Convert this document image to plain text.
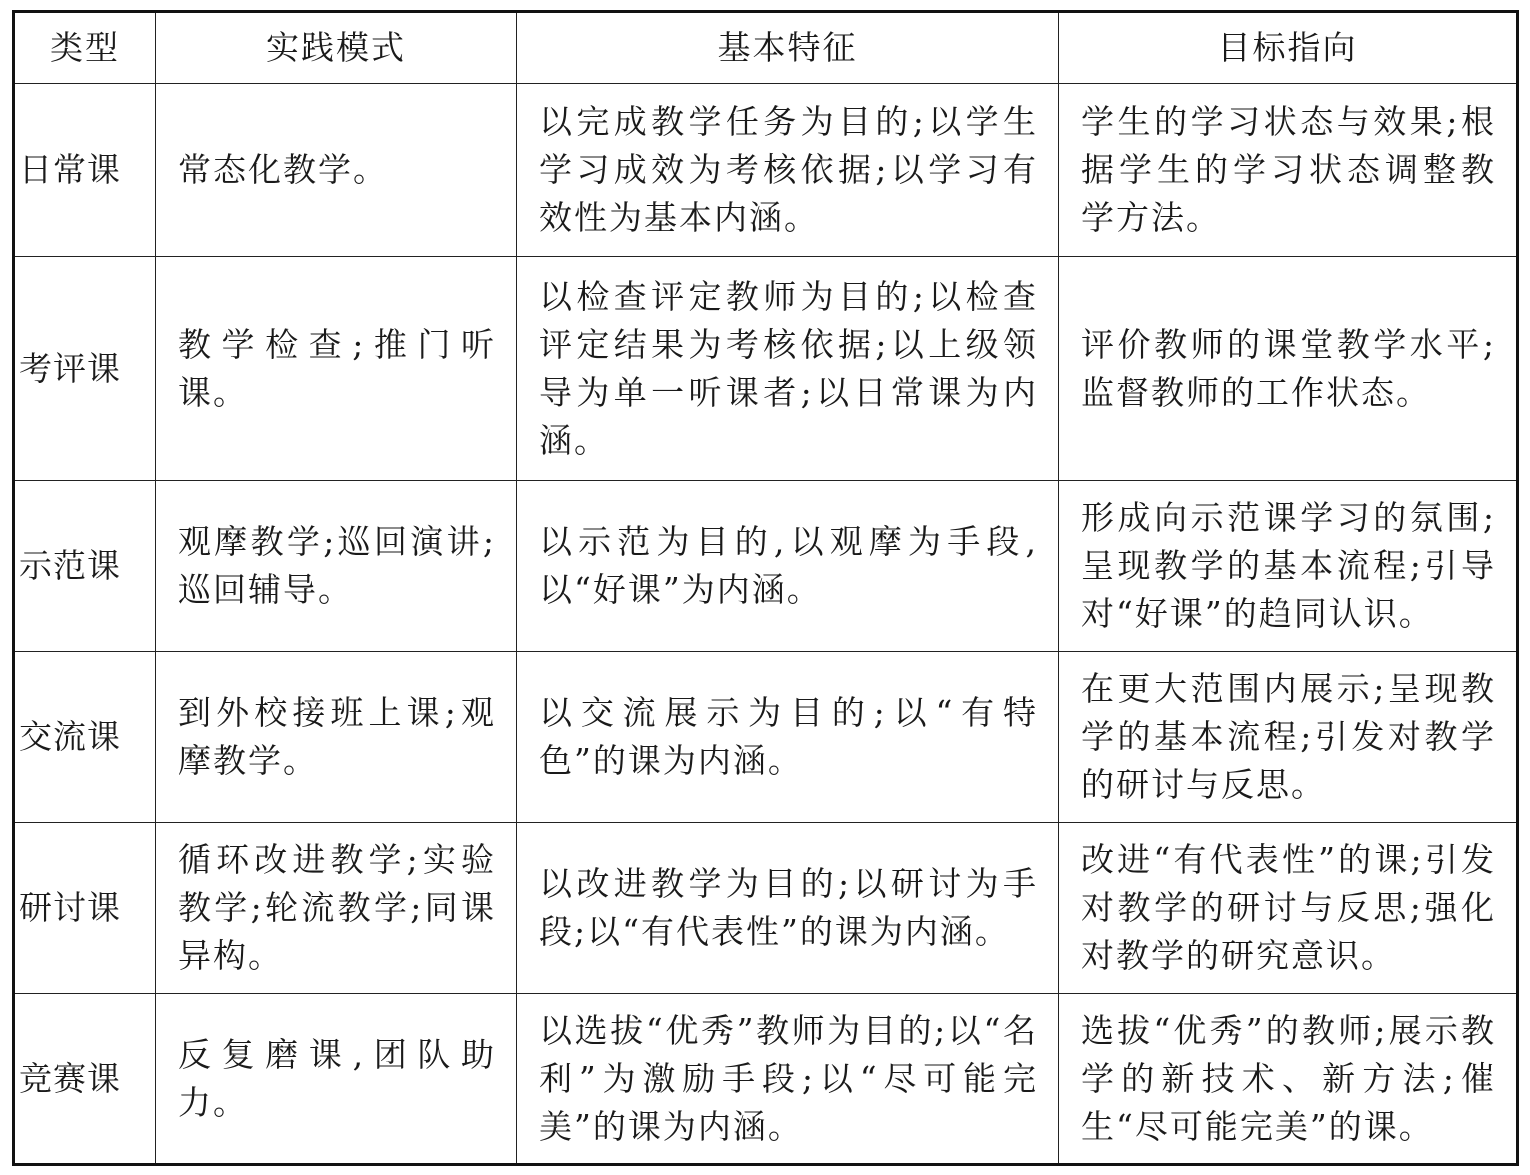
类型	实践模式	基本特征	目标指向
日常课	常态化教学。	以完成教学任务为目的;以学生学习成效为考核依据;以学习有效性为基本内涵。	学生的学习状态与效果;根据学生的学习状态调整教学方法。
考评课	教学检查;推门听课。	以检查评定教师为目的;以检查评定结果为考核依据;以上级领导为单一听课者;以日常课为内涵。	评价教师的课堂教学水平;监督教师的工作状态。
示范课	观摩教学;巡回演讲;巡回辅导。	以示范为目的,以观摩为手段,以“好课”为内涵。	形成向示范课学习的氛围;呈现教学的基本流程;引导对“好课”的趋同认识。
交流课	到外校接班上课;观摩教学。	以交流展示为目的;以“有特色”的课为内涵。	在更大范围内展示;呈现教学的基本流程;引发对教学的研讨与反思。
研讨课	循环改进教学;实验教学;轮流教学;同课异构。	以改进教学为目的;以研讨为手段;以“有代表性”的课为内涵。	改进“有代表性”的课;引发对教学的研讨与反思;强化对教学的研究意识。
竞赛课	反复磨课,团队助力。	以选拔“优秀”教师为目的;以“名利”为激励手段;以“尽可能完美”的课为内涵。	选拔“优秀”的教师;展示教学的新技术、新方法;催生“尽可能完美”的课。
